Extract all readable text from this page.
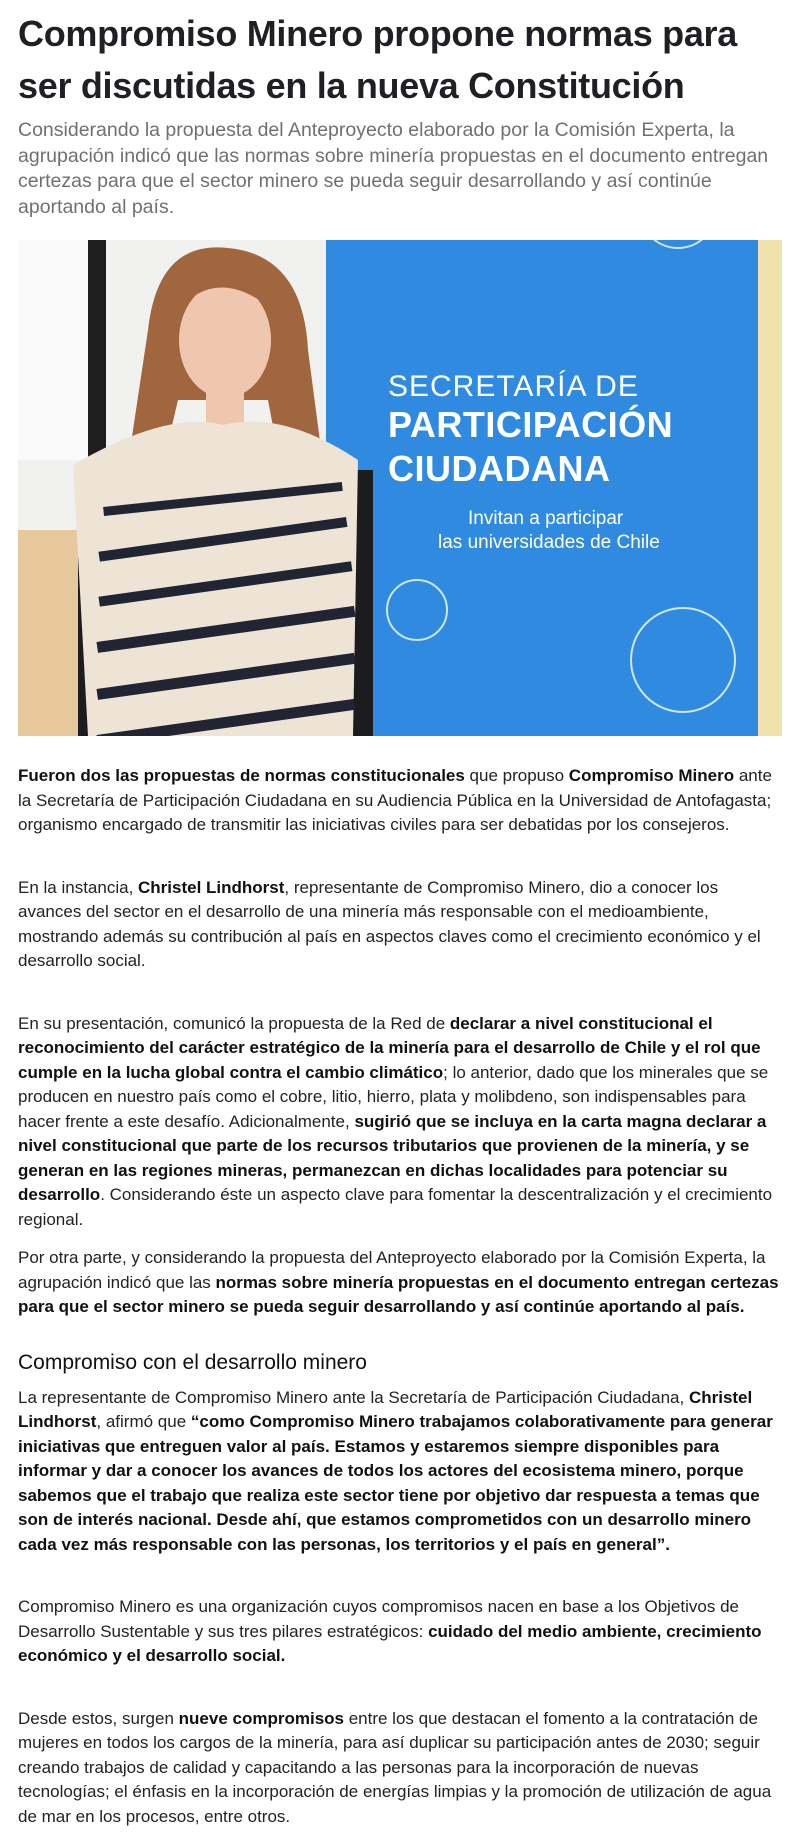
Compromiso Minero propone normas para ser discutidas en la nueva Constitución

Considerando la propuesta del Anteproyecto elaborado por la Comisión Experta, la agrupación indicó que las normas sobre minería propuestas en el documento entregan certezas para que el sector minero se pueda seguir desarrollando y así continúe aportando al país.

SECRETARÍA DE
PARTICIPACIÓN
CIUDADANA
Invitan a participar
las universidades de Chile

Fueron dos las propuestas de normas constitucionales que propuso Compromiso Minero ante la Secretaría de Participación Ciudadana en su Audiencia Pública en la Universidad de Antofagasta; organismo encargado de transmitir las iniciativas civiles para ser debatidas por los consejeros.

En la instancia, Christel Lindhorst, representante de Compromiso Minero, dio a conocer los avances del sector en el desarrollo de una minería más responsable con el medioambiente, mostrando además su contribución al país en aspectos claves como el crecimiento económico y el desarrollo social.

En su presentación, comunicó la propuesta de la Red de declarar a nivel constitucional el reconocimiento del carácter estratégico de la minería para el desarrollo de Chile y el rol que cumple en la lucha global contra el cambio climático; lo anterior, dado que los minerales que se producen en nuestro país como el cobre, litio, hierro, plata y molibdeno, son indispensables para hacer frente a este desafío. Adicionalmente, sugirió que se incluya en la carta magna declarar a nivel constitucional que parte de los recursos tributarios que provienen de la minería, y se generan en las regiones mineras, permanezcan en dichas localidades para potenciar su desarrollo. Considerando éste un aspecto clave para fomentar la descentralización y el crecimiento regional.

Por otra parte, y considerando la propuesta del Anteproyecto elaborado por la Comisión Experta, la agrupación indicó que las normas sobre minería propuestas en el documento entregan certezas para que el sector minero se pueda seguir desarrollando y así continúe aportando al país.

Compromiso con el desarrollo minero

La representante de Compromiso Minero ante la Secretaría de Participación Ciudadana, Christel Lindhorst, afirmó que “como Compromiso Minero trabajamos colaborativamente para generar iniciativas que entreguen valor al país. Estamos y estaremos siempre disponibles para informar y dar a conocer los avances de todos los actores del ecosistema minero, porque sabemos que el trabajo que realiza este sector tiene por objetivo dar respuesta a temas que son de interés nacional. Desde ahí, que estamos comprometidos con un desarrollo minero cada vez más responsable con las personas, los territorios y el país en general”.

Compromiso Minero es una organización cuyos compromisos nacen en base a los Objetivos de Desarrollo Sustentable y sus tres pilares estratégicos: cuidado del medio ambiente, crecimiento económico y el desarrollo social.

Desde estos, surgen nueve compromisos entre los que destacan el fomento a la contratación de mujeres en todos los cargos de la minería, para así duplicar su participación antes de 2030; seguir creando trabajos de calidad y capacitando a las personas para la incorporación de nuevas tecnologías; el énfasis en la incorporación de energías limpias y la promoción de utilización de agua de mar en los procesos, entre otros.
